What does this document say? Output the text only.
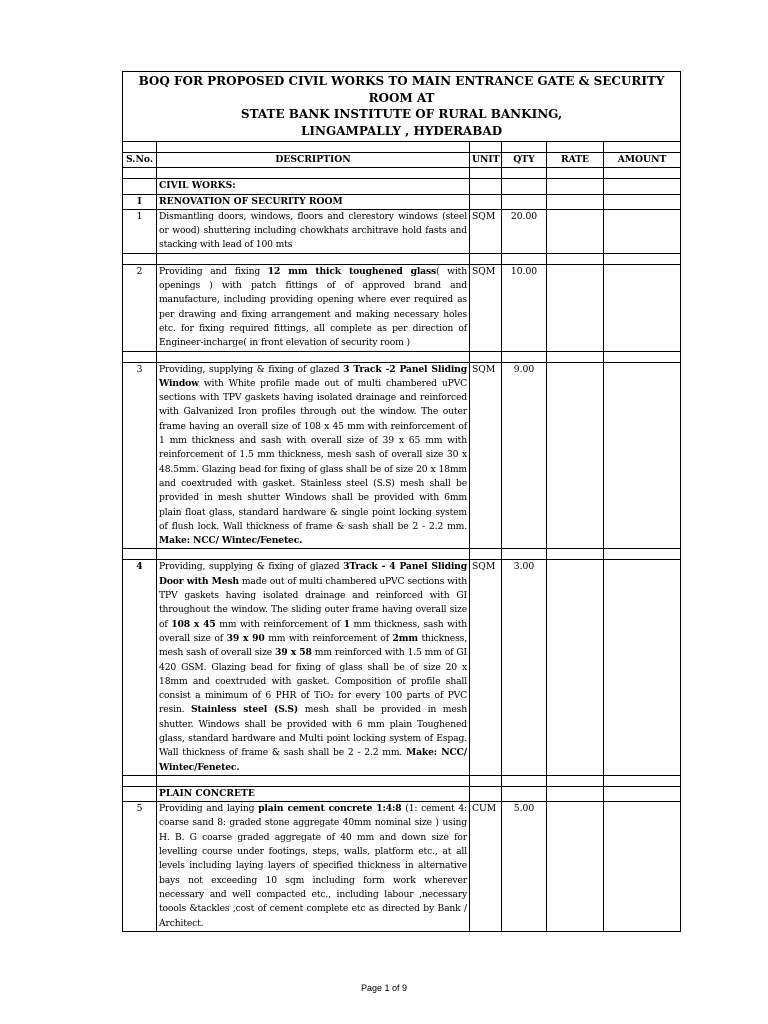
BOQ FOR PROPOSED CIVIL WORKS TO MAIN ENTRANCE GATE & SECURITY ROOM AT
STATE BANK INSTITUTE OF RURAL BANKING,
LINGAMPALLY , HYDERABAD					

S.No.	DESCRIPTION	UNIT	QTY	RATE	AMOUNT

	CIVIL WORKS:				
I	RENOVATION OF SECURITY ROOM				
1	Dismantling doors, windows, floors and clerestory windows (steel or wood) shuttering including chowkhats architrave hold fasts and stacking with lead of 100 mts	SQM	20.00		

2	Providing and fixing 12 mm thick toughened glass( with openings ) with patch fittings of of approved brand and manufacture, including providing opening where ever required as per drawing and fixing arrangement and making necessary holes etc. for fixing required fittings, all complete as per direction of Engineer-incharge( in front elevation of security room )	SQM	10.00		

3	Providing, supplying & fixing of glazed 3 Track -2 Panel Sliding Window with White profile made out of multi chambered uPVC sections with TPV gaskets having isolated drainage and reinforced with Galvanized Iron profiles through out the window. The outer frame having an overall size of 108 x 45 mm with reinforcement of 1 mm thickness and sash with overall size of 39 x 65 mm with reinforcement of 1.5 mm thickness, mesh sash of overall size 30 x 48.5mm. Glazing bead for fixing of glass shall be of size 20 x 18mm and coextruded with gasket. Stainless steel (S.S) mesh shall be provided in mesh shutter Windows shall be provided with 6mm plain float glass, standard hardware & single point locking system of flush lock. Wall thickness of frame & sash shall be 2 - 2.2 mm. Make: NCC/ Wintec/Fenetec.	SQM	9.00		

4	Providing, supplying & fixing of glazed 3Track - 4 Panel Sliding Door with Mesh made out of multi chambered uPVC sections with TPV gaskets having isolated drainage and reinforced with GI throughout the window. The sliding outer frame having overall size of 108 x 45 mm with reinforcement of 1 mm thickness, sash with overall size of 39 x 90 mm with reinforcement of 2mm thickness, mesh sash of overall size 39 x 58 mm reinforced with 1.5 mm of GI 420 GSM. Glazing bead for fixing of glass shall be of size 20 x 18mm and coextruded with gasket. Composition of profile shall consist a minimum of 6 PHR of TiO₂ for every 100 parts of PVC resin. Stainless steel (S.S) mesh shall be provided in mesh shutter. Windows shall be provided with 6 mm plain Toughened glass, standard hardware and Multi point locking system of Espag. Wall thickness of frame & sash shall be 2 - 2.2 mm. Make: NCC/ Wintec/Fenetec.	SQM	3.00		

	PLAIN CONCRETE				
5	Providing and laying plain cement concrete 1:4:8 (1: cement 4: coarse sand 8: graded stone aggregate 40mm nominal size ) using H. B. G coarse graded aggregate of 40 mm and down size for levelling course under footings, steps, walls, platform etc., at all levels including laying layers of specified thickness in alternative bays not exceeding 10 sqm including form work wherever necessary and well compacted etc., including labour ,necessary toools &tackles ,cost of cement complete etc as directed by Bank / Architect.	CUM	5.00		
Page 1 of 9
